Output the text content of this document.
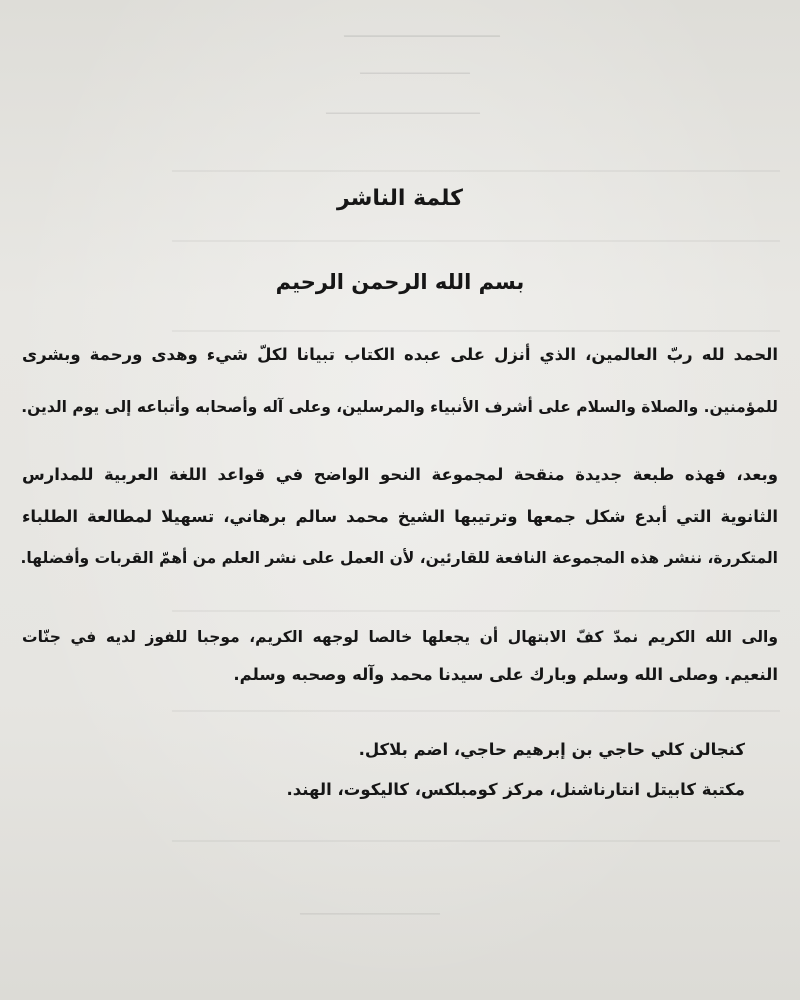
――――――
―――――
―――――――
――――――――――――――――――――――――――――――――――――――
――――――――――――――――――――――――――――――――――――――
――――――――――――――――――――――――――――――――――――――
――――――――――――――――――――――――――――――――――――――
――――――――――――――――――――――――――――――――――――――
――――――――――――――――――――――――――――――――――――――
―――――――
كلمة الناشر
بسم الله الرحمن الرحيم
الحمد لله ربّ العالمين، الذي أنزل على عبده الكتاب تبيانا لكلّ شيء وهدى ورحمة وبشرى
للمؤمنين. والصلاة والسلام على أشرف الأنبياء والمرسلين، وعلى آله وأصحابه وأتباعه إلى يوم الدين.
وبعد، فهذه طبعة جديدة منقحة لمجموعة النحو الواضح في قواعد اللغة العربية للمدارس
الثانوية التي أبدع شكل جمعها وترتيبها الشيخ محمد سالم برهاني، تسهيلا لمطالعة الطلباء
المتكررة، ننشر هذه المجموعة النافعة للقارئين، لأن العمل على نشر العلم من أهمّ القربات وأفضلها.
والى الله الكريم نمدّ كفّ الابتهال أن يجعلها خالصا لوجهه الكريم، موجبا للفوز لديه في جنّات
النعيم. وصلى الله وسلم وبارك على سيدنا محمد وآله وصحبه وسلم.
كنجالن كلي حاجي بن إبرهيم حاجي، اضم بلاكل.
مكتبة كابيتل انتارناشنل، مركز كومبلكس، كاليكوت، الهند.
